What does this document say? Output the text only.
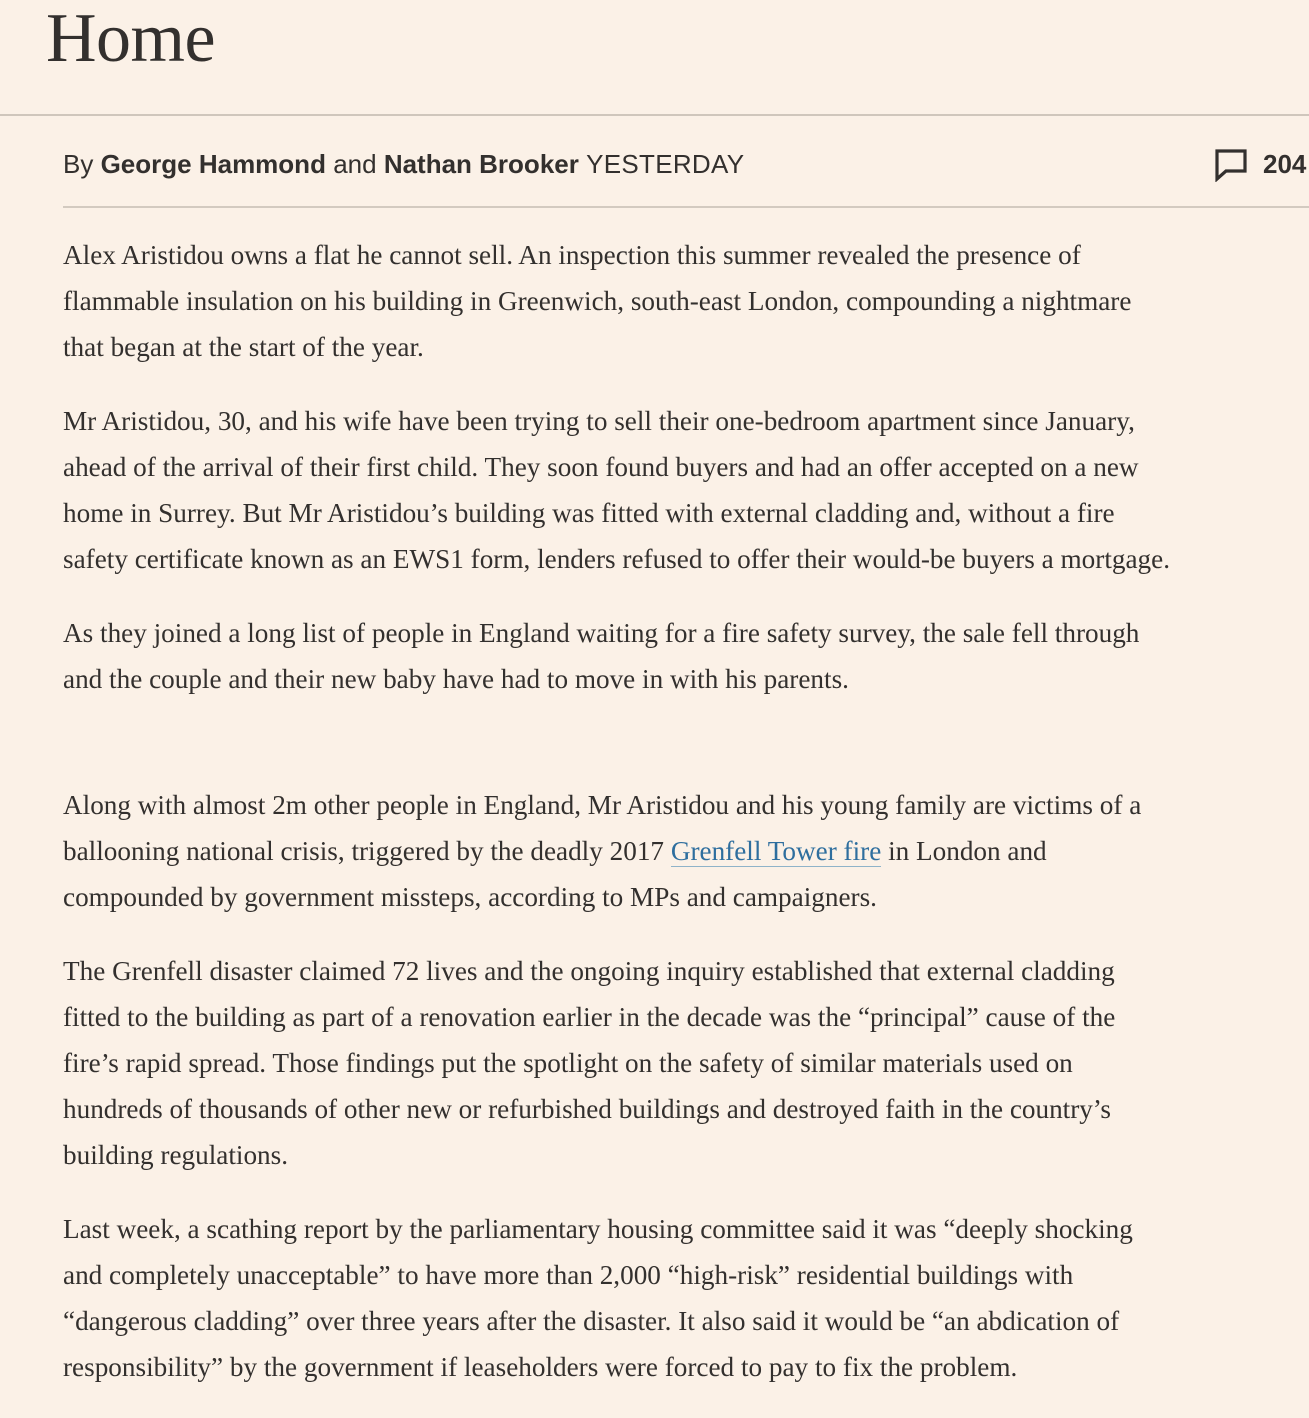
Home
By George Hammond and Nathan Brooker YESTERDAY	204

Alex Aristidou owns a flat he cannot sell. An inspection this summer revealed the presence of
flammable insulation on his building in Greenwich, south-east London, compounding a nightmare
that began at the start of the year.

Mr Aristidou, 30, and his wife have been trying to sell their one-bedroom apartment since January,
ahead of the arrival of their first child. They soon found buyers and had an offer accepted on a new
home in Surrey. But Mr Aristidou’s building was fitted with external cladding and, without a fire
safety certificate known as an EWS1 form, lenders refused to offer their would-be buyers a mortgage.

As they joined a long list of people in England waiting for a fire safety survey, the sale fell through
and the couple and their new baby have had to move in with his parents.

Along with almost 2m other people in England, Mr Aristidou and his young family are victims of a
ballooning national crisis, triggered by the deadly 2017 Grenfell Tower fire in London and
compounded by government missteps, according to MPs and campaigners.

The Grenfell disaster claimed 72 lives and the ongoing inquiry established that external cladding
fitted to the building as part of a renovation earlier in the decade was the “principal” cause of the
fire’s rapid spread. Those findings put the spotlight on the safety of similar materials used on
hundreds of thousands of other new or refurbished buildings and destroyed faith in the country’s
building regulations.

Last week, a scathing report by the parliamentary housing committee said it was “deeply shocking
and completely unacceptable” to have more than 2,000 “high-risk” residential buildings with
“dangerous cladding” over three years after the disaster. It also said it would be “an abdication of
responsibility” by the government if leaseholders were forced to pay to fix the problem.
